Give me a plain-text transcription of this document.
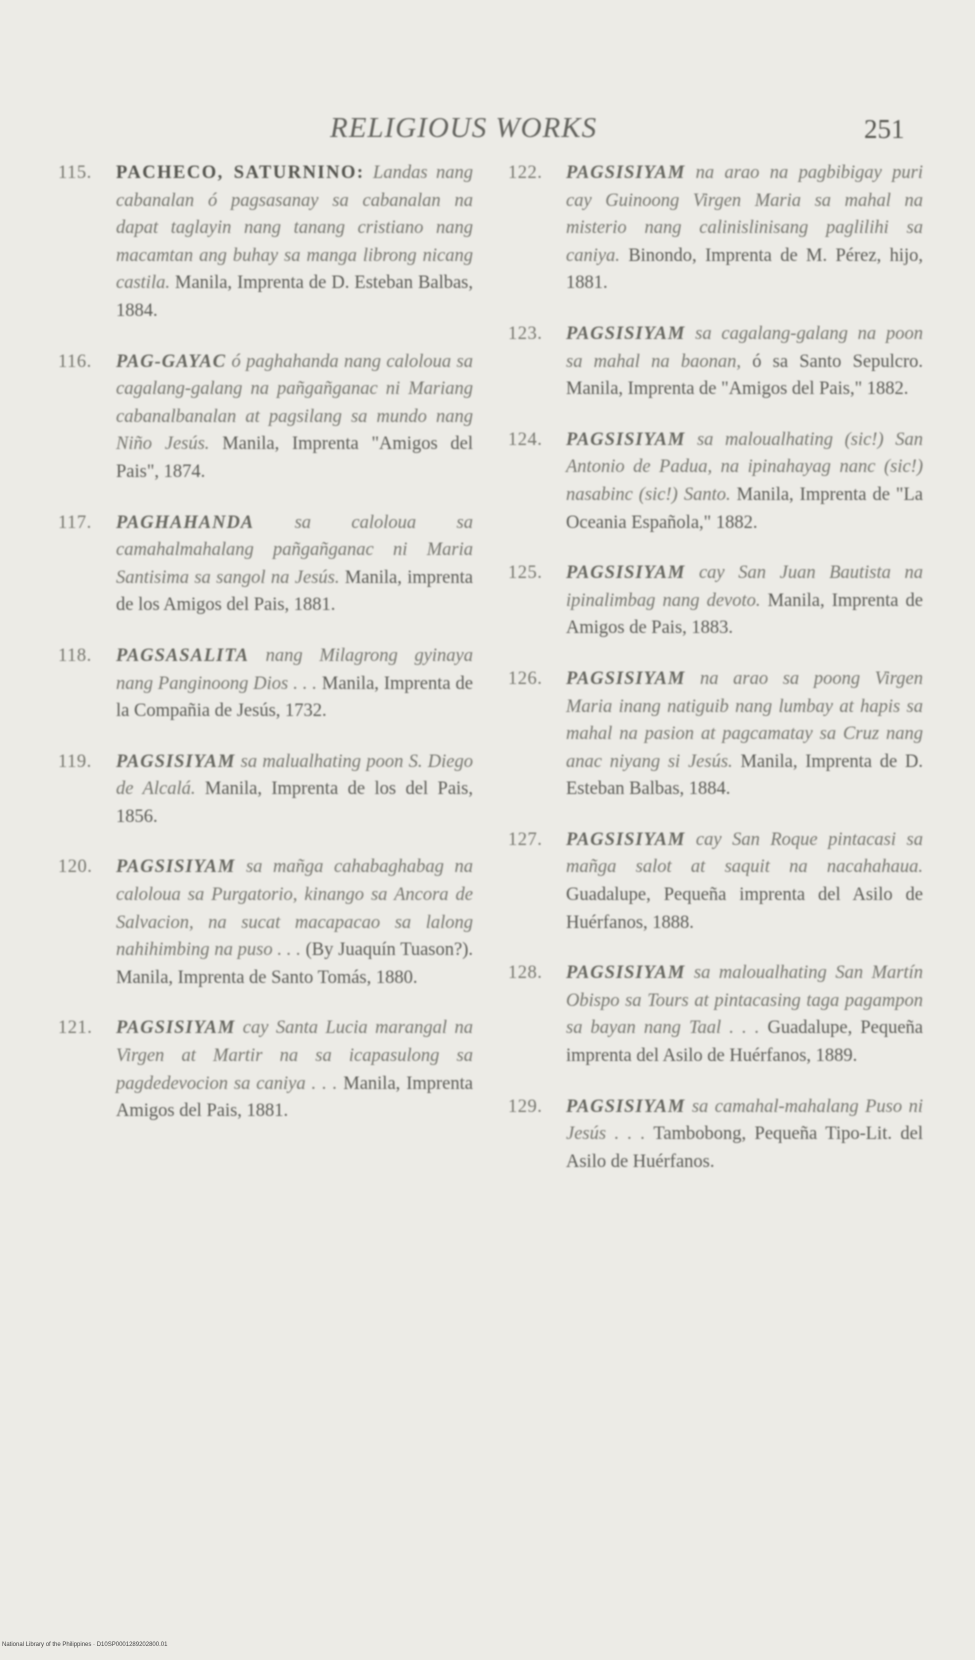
RELIGIOUS WORKS	251
115.	PACHECO, SATURNINO: Landas nang cabanalan ó pagsasanay sa cabanalan na dapat taglayin nang tanang cristiano nang macamtan ang buhay sa manga librong nicang castila. Manila, Imprenta de D. Esteban Balbas, 1884.
116.	PAG-GAYAC ó paghahanda nang caloloua sa cagalang-galang na pañgañganac ni Mariang cabanalbanalan at pagsilang sa mundo nang Niño Jesús. Manila, Imprenta "Amigos del Pais", 1874.
117.	PAGHAHANDA sa caloloua sa camahalmahalang pañgañganac ni Maria Santisima sa sangol na Jesús. Manila, imprenta de los Amigos del Pais, 1881.
118.	PAGSASALITA nang Milagrong gyinaya nang Panginoong Dios . . . Manila, Imprenta de la Compañia de Jesús, 1732.
119.	PAGSISIYAM sa malualhating poon S. Diego de Alcalá. Manila, Imprenta de los del Pais, 1856.
120.	PAGSISIYAM sa mañga cahabaghabag na caloloua sa Purgatorio, kinango sa Ancora de Salvacion, na sucat macapacao sa lalong nahihimbing na puso . . . (By Juaquín Tuason?). Manila, Imprenta de Santo Tomás, 1880.
121.	PAGSISIYAM cay Santa Lucia marangal na Virgen at Martir na sa icapasulong sa pagdedevocion sa caniya . . . Manila, Imprenta Amigos del Pais, 1881.
122.	PAGSISIYAM na arao na pagbibigay puri cay Guinoong Virgen Maria sa mahal na misterio nang calinislinisang paglilihi sa caniya. Binondo, Imprenta de M. Pérez, hijo, 1881.
123.	PAGSISIYAM sa cagalang-galang na poon sa mahal na baonan, ó sa Santo Sepulcro. Manila, Imprenta de "Amigos del Pais," 1882.
124.	PAGSISIYAM sa maloualhating (sic!) San Antonio de Padua, na ipinahayag nanc (sic!) nasabinc (sic!) Santo. Manila, Imprenta de "La Oceania Española," 1882.
125.	PAGSISIYAM cay San Juan Bautista na ipinalimbag nang devoto. Manila, Imprenta de Amigos de Pais, 1883.
126.	PAGSISIYAM na arao sa poong Virgen Maria inang natiguib nang lumbay at hapis sa mahal na pasion at pagcamatay sa Cruz nang anac niyang si Jesús. Manila, Imprenta de D. Esteban Balbas, 1884.
127.	PAGSISIYAM cay San Roque pintacasi sa mañga salot at saquit na nacahahaua. Guadalupe, Pequeña imprenta del Asilo de Huérfanos, 1888.
128.	PAGSISIYAM sa maloualhating San Martín Obispo sa Tours at pintacasing taga pagampon sa bayan nang Taal . . . Guadalupe, Pequeña imprenta del Asilo de Huérfanos, 1889.
129.	PAGSISIYAM sa camahal-mahalang Puso ni Jesús . . . Tambobong, Pequeña Tipo-Lit. del Asilo de Huérfanos.
National Library of the Philippines · D10SP0001289202800.01
